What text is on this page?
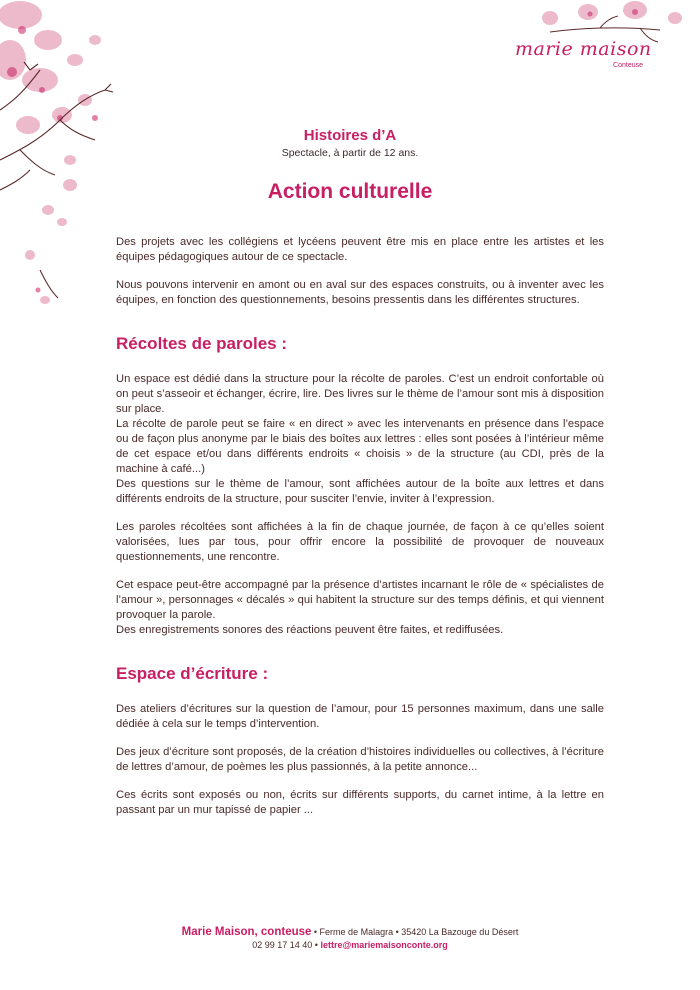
marie maison
Conteuse
Histoires d’A
Spectacle, à partir de 12 ans.
Action culturelle

Des projets avec les collégiens et lycéens peuvent être mis en place entre les artistes et les équipes pédagogiques autour de ce spectacle.

Nous pouvons intervenir en amont ou en aval sur des espaces construits, ou à inventer avec les équipes, en fonction des questionnements, besoins pressentis dans les différentes structures.

Récoltes de paroles :

Un espace est dédié dans la structure pour la récolte de paroles. C’est un endroit confortable où on peut s’asseoir et échanger, écrire, lire. Des livres sur le thème de l’amour sont mis à disposition sur place.

La récolte de parole peut se faire « en direct » avec les intervenants en présence dans l’espace ou de façon plus anonyme par le biais des boîtes aux lettres : elles sont posées à l’intérieur même de cet espace et/ou dans différents endroits « choisis » de la structure (au CDI, près de la machine à café...)

Des questions sur le thème de l’amour, sont affichées autour de la boîte aux lettres et dans différents endroits de la structure, pour susciter l’envie, inviter à l’expression.

Les paroles récoltées sont affichées à la fin de chaque journée, de façon à ce qu’elles soient valorisées, lues par tous, pour offrir encore la possibilité de provoquer de nouveaux questionnements, une rencontre.

Cet espace peut-être accompagné par la présence d’artistes incarnant le rôle de « spécialistes de l’amour », personnages « décalés » qui habitent la structure sur des temps définis, et qui viennent provoquer la parole.

Des enregistrements sonores des réactions peuvent être faites, et rediffusées.

Espace d’écriture :

Des ateliers d’écritures sur la question de l’amour, pour 15 personnes maximum, dans une salle dédiée à cela sur le temps d’intervention.

Des jeux d’écriture sont proposés, de la création d’histoires individuelles ou collectives, à l’écriture de lettres d’amour, de poèmes les plus passionnés, à la petite annonce...

Ces écrits sont exposés ou non, écrits sur différents supports, du carnet intime, à la lettre en passant par un mur tapissé de papier ...

Marie Maison, conteuse • Ferme de Malagra • 35420 La Bazouge du Désert
02 99 17 14 40 • lettre@mariemaisonconte.org
